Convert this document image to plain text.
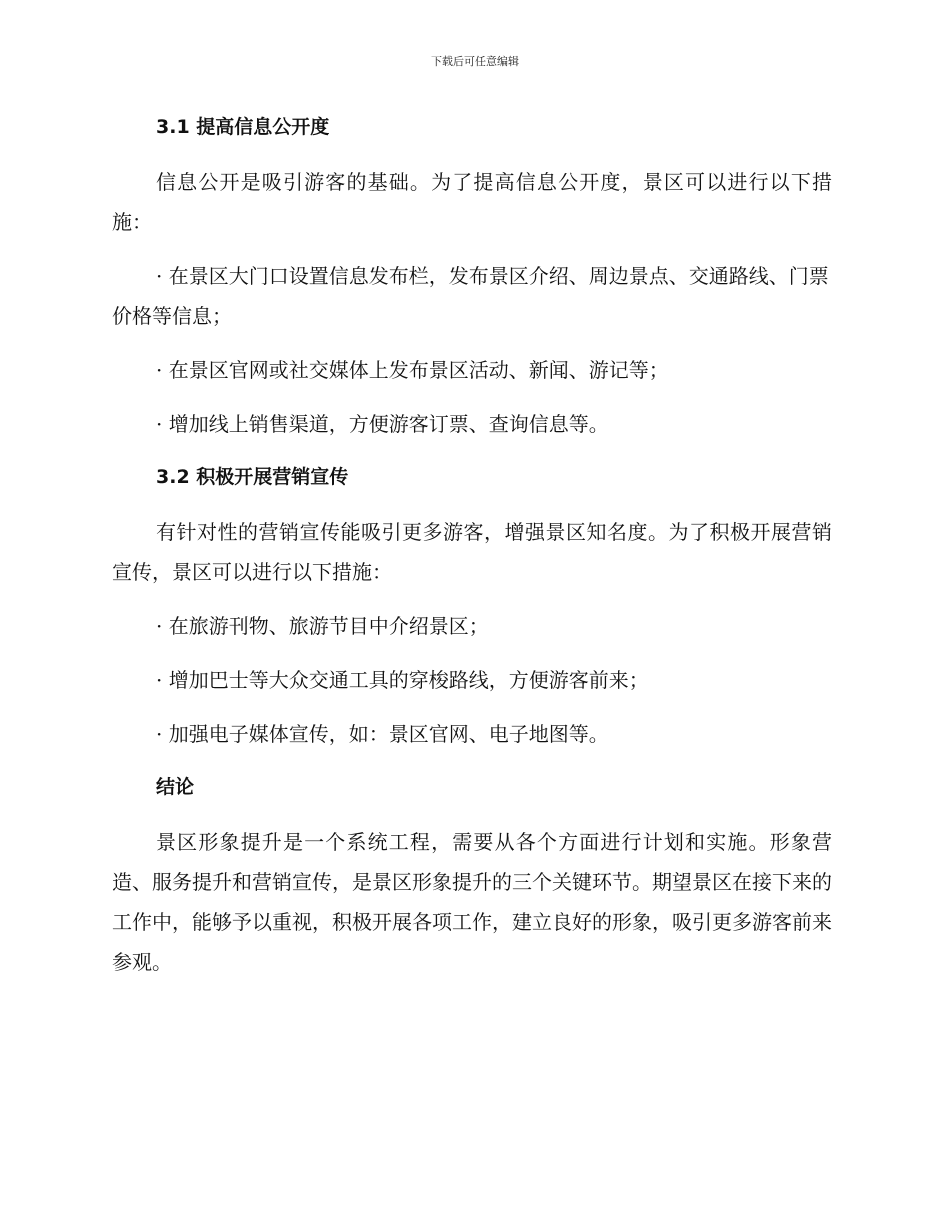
下载后可任意编辑
3.1 提高信息公开度

信息公开是吸引游客的基础。为了提高信息公开度，景区可以进行以下措施：

· 在景区大门口设置信息发布栏，发布景区介绍、周边景点、交通路线、门票价格等信息；

· 在景区官网或社交媒体上发布景区活动、新闻、游记等；

· 增加线上销售渠道，方便游客订票、查询信息等。

3.2 积极开展营销宣传

有针对性的营销宣传能吸引更多游客，增强景区知名度。为了积极开展营销宣传，景区可以进行以下措施：

· 在旅游刊物、旅游节目中介绍景区；

· 增加巴士等大众交通工具的穿梭路线，方便游客前来；

· 加强电子媒体宣传，如：景区官网、电子地图等。

结论

景区形象提升是一个系统工程，需要从各个方面进行计划和实施。形象营造、服务提升和营销宣传，是景区形象提升的三个关键环节。期望景区在接下来的工作中，能够予以重视，积极开展各项工作，建立良好的形象，吸引更多游客前来参观。
